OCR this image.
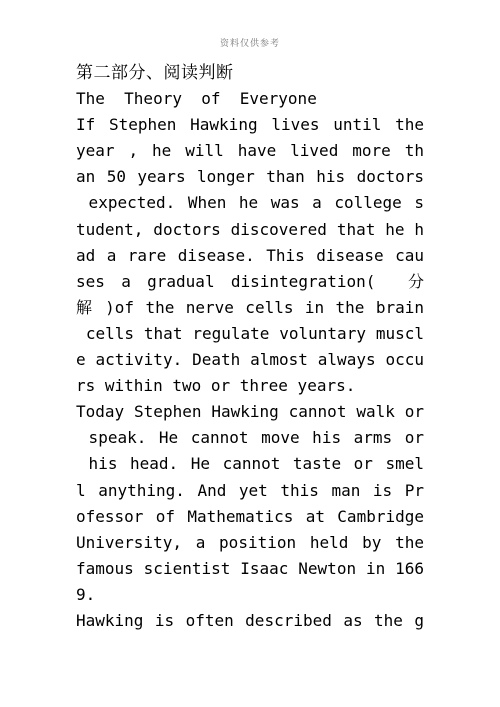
资料仅供参考
第二部分、阅读判断
The  Theory  of  Everyone
If Stephen Hawking lives until the
year , he will have lived more th
an 50 years longer than his doctors
expected. When he was a college s
tudent, doctors discovered that he h
ad a rare disease. This disease cau
ses a gradual disintegration(  分
解 )of the nerve cells in the brain
cells that regulate voluntary muscl
e activity. Death almost always occu
rs within two or three years.
Today Stephen Hawking cannot walk or
speak. He cannot move his arms or
his head. He cannot taste or smel
l anything. And yet this man is Pr
ofessor of Mathematics at Cambridge
University, a position held by the
famous scientist Isaac Newton in 166
9.
Hawking is often described as the g
